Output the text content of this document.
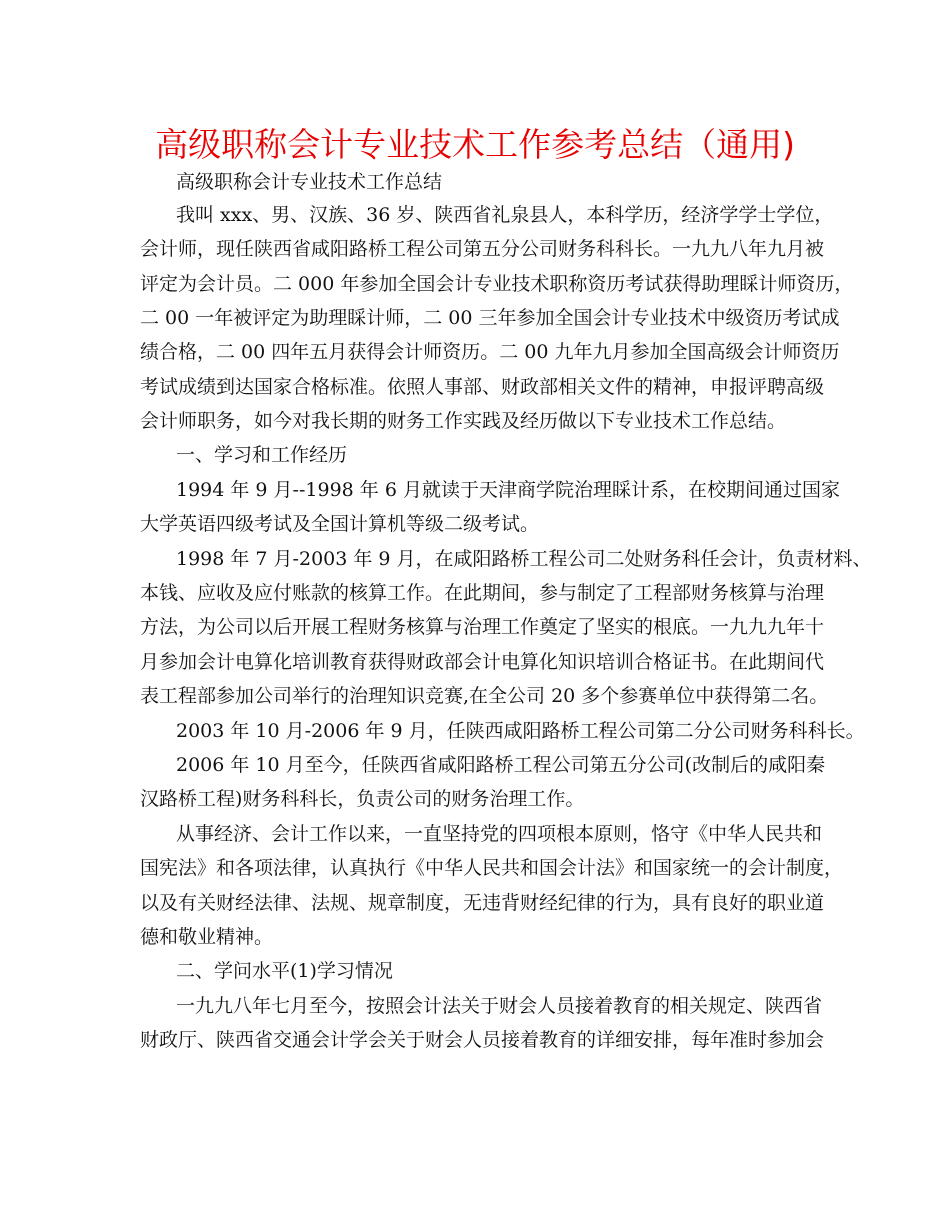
高级职称会计专业技术工作参考总结（通用)

高级职称会计专业技术工作总结

我叫 xxx、男、汉族、36 岁、陕西省礼泉县人，本科学历，经济学学士学位，

会计师，现任陕西省咸阳路桥工程公司第五分公司财务科科长。一九九八年九月被

评定为会计员。二 000 年参加全国会计专业技术职称资历考试获得助理睬计师资历，

二 00 一年被评定为助理睬计师，二 00 三年参加全国会计专业技术中级资历考试成

绩合格，二 00 四年五月获得会计师资历。二 00 九年九月参加全国高级会计师资历

考试成绩到达国家合格标准。依照人事部、财政部相关文件的精神，申报评聘高级

会计师职务，如今对我长期的财务工作实践及经历做以下专业技术工作总结。

一、学习和工作经历

1994 年 9 月--1998 年 6 月就读于天津商学院治理睬计系，在校期间通过国家

大学英语四级考试及全国计算机等级二级考试。

1998 年 7 月-2003 年 9 月，在咸阳路桥工程公司二处财务科任会计，负责材料、

本钱、应收及应付账款的核算工作。在此期间，参与制定了工程部财务核算与治理

方法，为公司以后开展工程财务核算与治理工作奠定了坚实的根底。一九九九年十

月参加会计电算化培训教育获得财政部会计电算化知识培训合格证书。在此期间代

表工程部参加公司举行的治理知识竞赛,在全公司 20 多个参赛单位中获得第二名。

2003 年 10 月-2006 年 9 月，任陕西咸阳路桥工程公司第二分公司财务科科长。

2006 年 10 月至今，任陕西省咸阳路桥工程公司第五分公司(改制后的咸阳秦

汉路桥工程)财务科科长，负责公司的财务治理工作。

从事经济、会计工作以来，一直坚持党的四项根本原则，恪守《中华人民共和

国宪法》和各项法律，认真执行《中华人民共和国会计法》和国家统一的会计制度，

以及有关财经法律、法规、规章制度，无违背财经纪律的行为，具有良好的职业道

德和敬业精神。

二、学问水平(1)学习情况

一九九八年七月至今，按照会计法关于财会人员接着教育的相关规定、陕西省

财政厅、陕西省交通会计学会关于财会人员接着教育的详细安排，每年准时参加会
